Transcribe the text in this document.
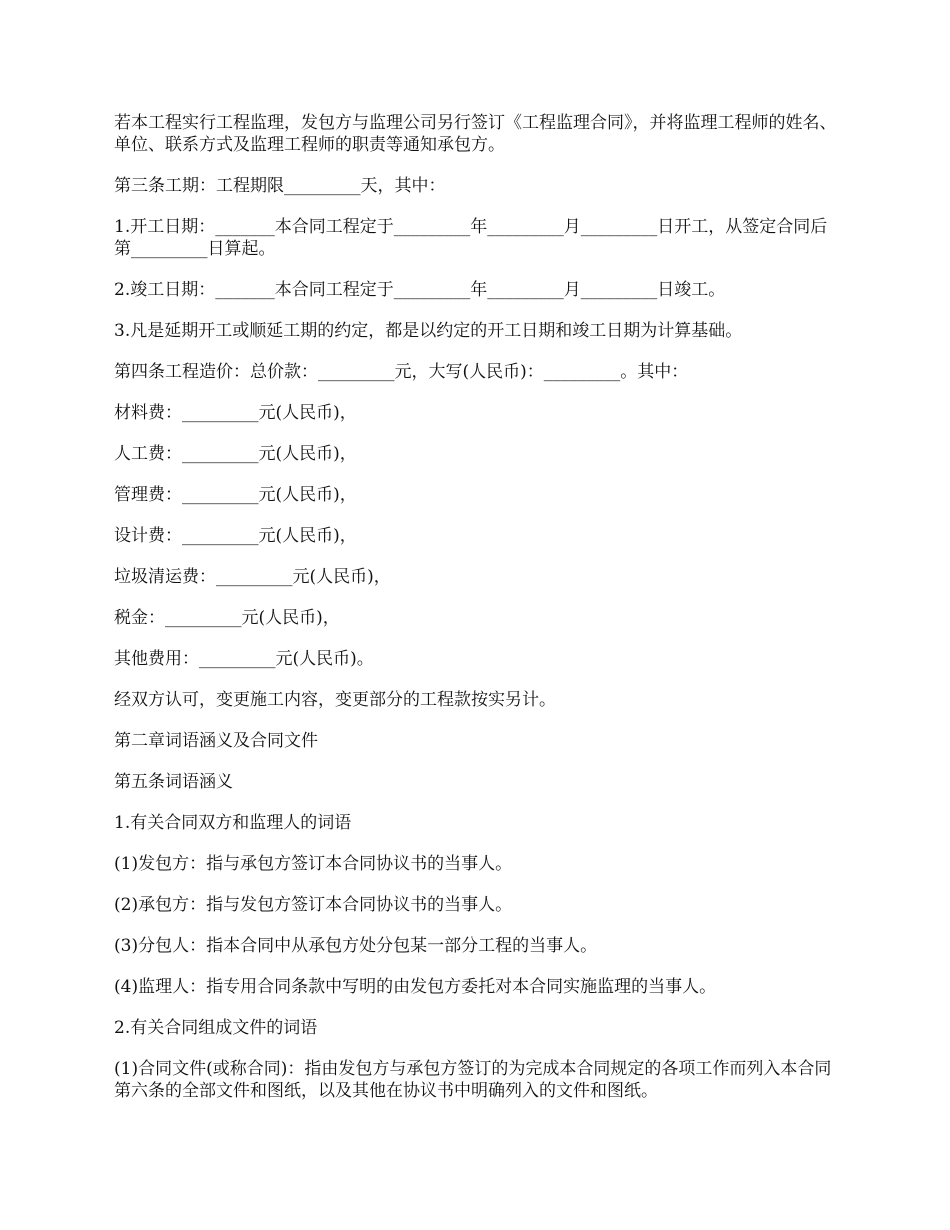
若本工程实行工程监理，发包方与监理公司另行签订《工程监理合同》，并将监理工程师的姓名、单位、联系方式及监理工程师的职责等通知承包方。

第三条工期：工程期限_________天，其中：

1.开工日期：_______本合同工程定于_________年_________月_________日开工，从签定合同后第_________日算起。

2.竣工日期：_______本合同工程定于_________年_________月_________日竣工。

3.凡是延期开工或顺延工期的约定，都是以约定的开工日期和竣工日期为计算基础。

第四条工程造价：总价款：_________元，大写(人民币)：_________。其中：

材料费：_________元(人民币)，

人工费：_________元(人民币)，

管理费：_________元(人民币)，

设计费：_________元(人民币)，

垃圾清运费：_________元(人民币)，

税金：_________元(人民币)，

其他费用：_________元(人民币)。

经双方认可，变更施工内容，变更部分的工程款按实另计。

第二章词语涵义及合同文件

第五条词语涵义

1.有关合同双方和监理人的词语

(1)发包方：指与承包方签订本合同协议书的当事人。

(2)承包方：指与发包方签订本合同协议书的当事人。

(3)分包人：指本合同中从承包方处分包某一部分工程的当事人。

(4)监理人：指专用合同条款中写明的由发包方委托对本合同实施监理的当事人。

2.有关合同组成文件的词语

(1)合同文件(或称合同)：指由发包方与承包方签订的为完成本合同规定的各项工作而列入本合同第六条的全部文件和图纸，以及其他在协议书中明确列入的文件和图纸。
